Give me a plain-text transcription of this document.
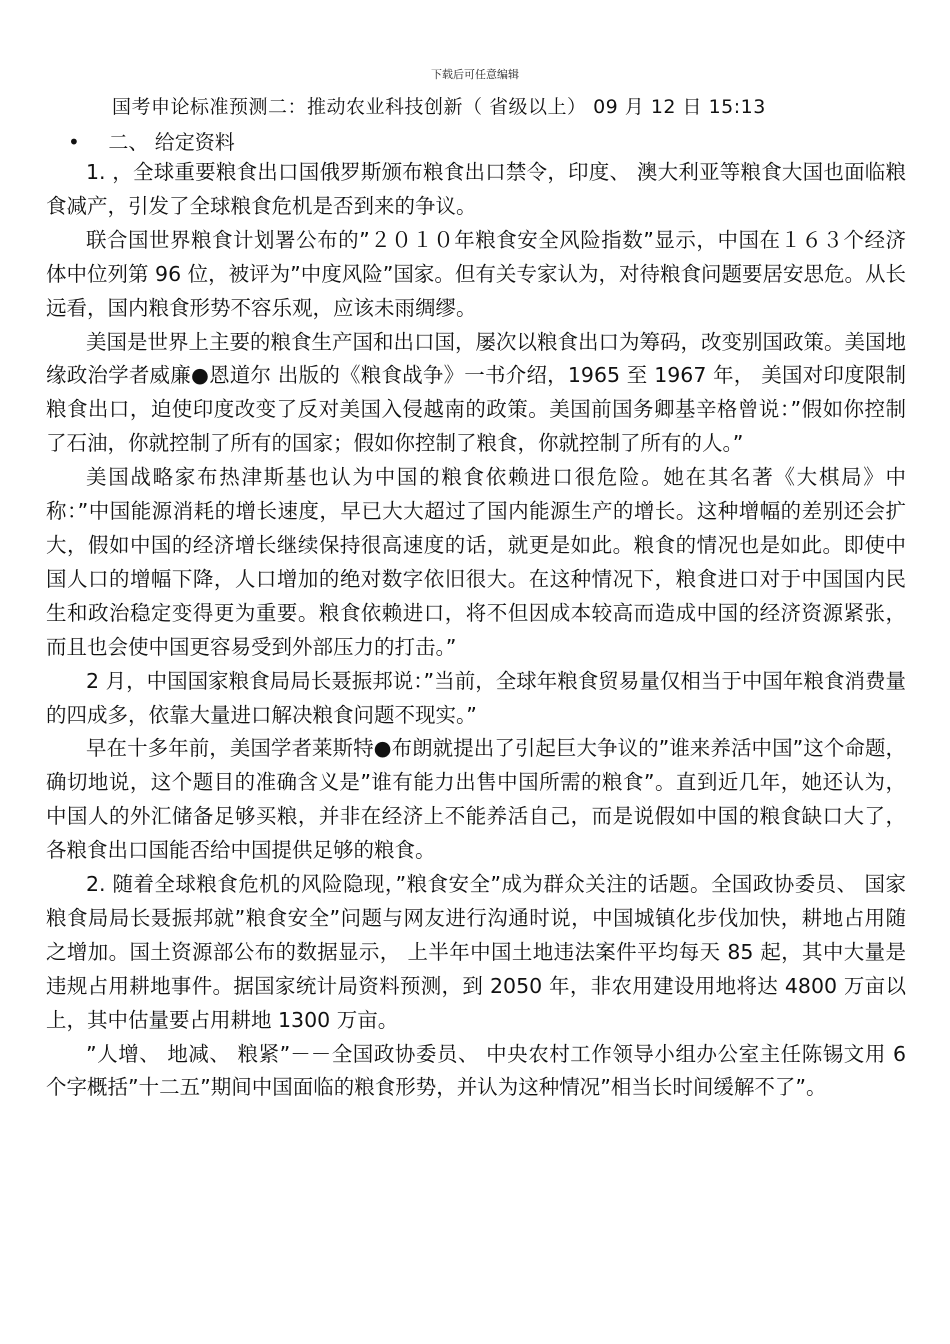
下载后可任意编辑
国考申论标准预测二：推动农业科技创新（ 省级以上） 09 月 12 日 15:13
• 二、 给定资料

1. ，全球重要粮食出口国俄罗斯颁布粮食出口禁令，印度、 澳大利亚等粮食大国也面临粮食减产，引发了全球粮食危机是否到来的争议。

联合国世界粮食计划署公布的”２０１０年粮食安全风险指数”显示，中国在１６３个经济体中位列第 96 位，被评为”中度风险”国家。但有关专家认为，对待粮食问题要居安思危。从长远看，国内粮食形势不容乐观，应该未雨绸缪。

美国是世界上主要的粮食生产国和出口国，屡次以粮食出口为筹码，改变别国政策。美国地缘政治学者威廉●恩道尔 出版的《粮食战争》一书介绍，1965 至 1967 年， 美国对印度限制粮食出口，迫使印度改变了反对美国入侵越南的政策。美国前国务卿基辛格曾说：”假如你控制了石油，你就控制了所有的国家；假如你控制了粮食，你就控制了所有的人。”

美国战略家布热津斯基也认为中国的粮食依赖进口很危险。她在其名著《大棋局》中称：”中国能源消耗的增长速度，早已大大超过了国内能源生产的增长。这种增幅的差别还会扩大，假如中国的经济增长继续保持很高速度的话，就更是如此。粮食的情况也是如此。即使中国人口的增幅下降，人口增加的绝对数字依旧很大。在这种情况下，粮食进口对于中国国内民生和政治稳定变得更为重要。粮食依赖进口，将不但因成本较高而造成中国的经济资源紧张，而且也会使中国更容易受到外部压力的打击。”

2 月，中国国家粮食局局长聂振邦说：”当前，全球年粮食贸易量仅相当于中国年粮食消费量的四成多，依靠大量进口解决粮食问题不现实。”

早在十多年前，美国学者莱斯特●布朗就提出了引起巨大争议的”谁来养活中国”这个命题，确切地说，这个题目的准确含义是”谁有能力出售中国所需的粮食”。直到近几年，她还认为，中国人的外汇储备足够买粮，并非在经济上不能养活自己，而是说假如中国的粮食缺口大了，各粮食出口国能否给中国提供足够的粮食。

2. 随着全球粮食危机的风险隐现，”粮食安全”成为群众关注的话题。全国政协委员、 国家粮食局局长聂振邦就”粮食安全”问题与网友进行沟通时说，中国城镇化步伐加快，耕地占用随之增加。国土资源部公布的数据显示， 上半年中国土地违法案件平均每天 85 起，其中大量是违规占用耕地事件。据国家统计局资料预测，到 2050 年，非农用建设用地将达 4800 万亩以上，其中估量要占用耕地 1300 万亩。

”人增、 地减、 粮紧”－－全国政协委员、 中央农村工作领导小组办公室主任陈锡文用 6 个字概括”十二五”期间中国面临的粮食形势，并认为这种情况”相当长时间缓解不了”。
